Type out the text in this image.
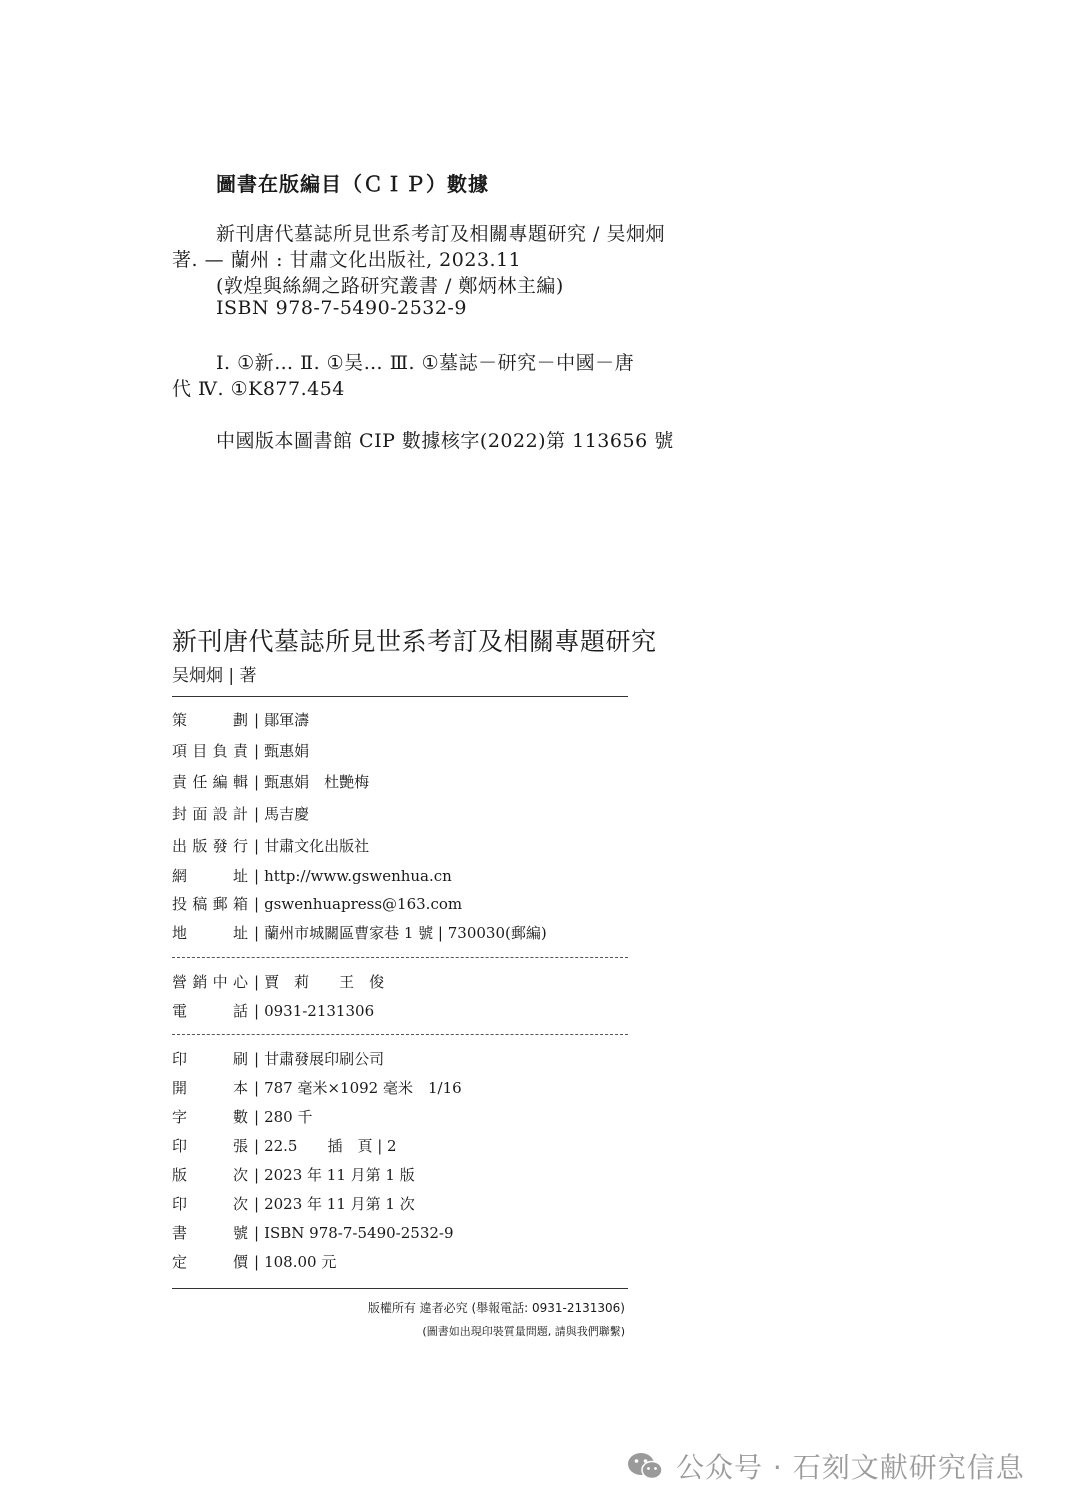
圖書在版編目（ＣＩＰ）數據
新刊唐代墓誌所見世系考訂及相關專題研究 / 吴炯炯
著. — 蘭州 : 甘肅文化出版社, 2023.11
(敦煌與絲綢之路研究叢書 / 鄭炳林主編)
ISBN 978-7-5490-2532-9
Ⅰ. ①新… Ⅱ. ①吴… Ⅲ. ①墓誌－研究－中國－唐
代 Ⅳ. ①K877.454
中國版本圖書館 CIP 數據核字(2022)第 113656 號
新刊唐代墓誌所見世系考訂及相關專題研究
吴炯炯 | 著
策劃 | 鄖軍濤
項目負責 | 甄惠娟
責任編輯 | 甄惠娟　杜艷梅
封面設計 | 馬吉慶
出版發行 | 甘肅文化出版社
網址 | http://www.gswenhua.cn
投稿郵箱 | gswenhuapress@163.com
地址 | 蘭州市城關區曹家巷 1 號 | 730030(郵編)
營銷中心 | 賈　莉　　王　俊
電話 | 0931-2131306
印刷 | 甘肅發展印刷公司
開本 | 787 毫米×1092 毫米　1/16
字數 | 280 千
印張 | 22.5　　插　頁 | 2
版次 | 2023 年 11 月第 1 版
印次 | 2023 年 11 月第 1 次
書號 | ISBN 978-7-5490-2532-9
定價 | 108.00 元
版權所有 違者必究 (舉報電話: 0931-2131306)
(圖書如出現印裝質量問題, 請與我們聯繫)
公众号 · 石刻文献研究信息
